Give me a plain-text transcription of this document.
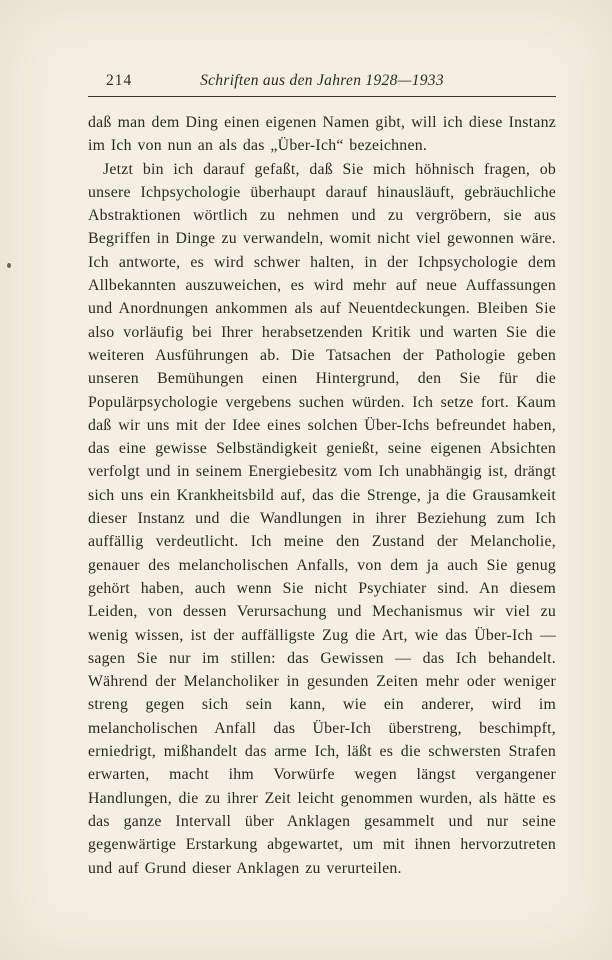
214	Schriften aus den Jahren 1928—1933

daß man dem Ding einen eigenen Namen gibt, will ich diese Instanz im Ich von nun an als das „Über-Ich“ bezeichnen.

Jetzt bin ich darauf gefaßt, daß Sie mich höhnisch fragen, ob unsere Ichpsychologie überhaupt darauf hinausläuft, gebräuchliche Abstraktionen wörtlich zu nehmen und zu vergröbern, sie aus Begriffen in Dinge zu verwandeln, womit nicht viel gewonnen wäre. Ich antworte, es wird schwer halten, in der Ichpsychologie dem Allbekannten auszuweichen, es wird mehr auf neue Auffassungen und Anordnungen ankommen als auf Neuentdeckungen. Bleiben Sie also vorläufig bei Ihrer herabsetzenden Kritik und warten Sie die weiteren Ausführungen ab. Die Tatsachen der Pathologie geben unseren Bemühungen einen Hintergrund, den Sie für die Populärpsychologie vergebens suchen würden. Ich setze fort. Kaum daß wir uns mit der Idee eines solchen Über-Ichs befreundet haben, das eine gewisse Selbständigkeit genießt, seine eigenen Absichten verfolgt und in seinem Energiebesitz vom Ich unabhängig ist, drängt sich uns ein Krankheitsbild auf, das die Strenge, ja die Grausamkeit dieser Instanz und die Wandlungen in ihrer Beziehung zum Ich auffällig verdeutlicht. Ich meine den Zustand der Melancholie, genauer des melancholischen Anfalls, von dem ja auch Sie genug gehört haben, auch wenn Sie nicht Psychiater sind. An diesem Leiden, von dessen Verursachung und Mechanismus wir viel zu wenig wissen, ist der auffälligste Zug die Art, wie das Über-Ich — sagen Sie nur im stillen: das Gewissen — das Ich behandelt. Während der Melancholiker in gesunden Zeiten mehr oder weniger streng gegen sich sein kann, wie ein anderer, wird im melancholischen Anfall das Über-Ich überstreng, beschimpft, erniedrigt, mißhandelt das arme Ich, läßt es die schwersten Strafen erwarten, macht ihm Vorwürfe wegen längst vergangener Handlungen, die zu ihrer Zeit leicht genommen wurden, als hätte es das ganze Intervall über Anklagen gesammelt und nur seine gegenwärtige Erstarkung abgewartet, um mit ihnen hervorzutreten und auf Grund dieser Anklagen zu verurteilen.
